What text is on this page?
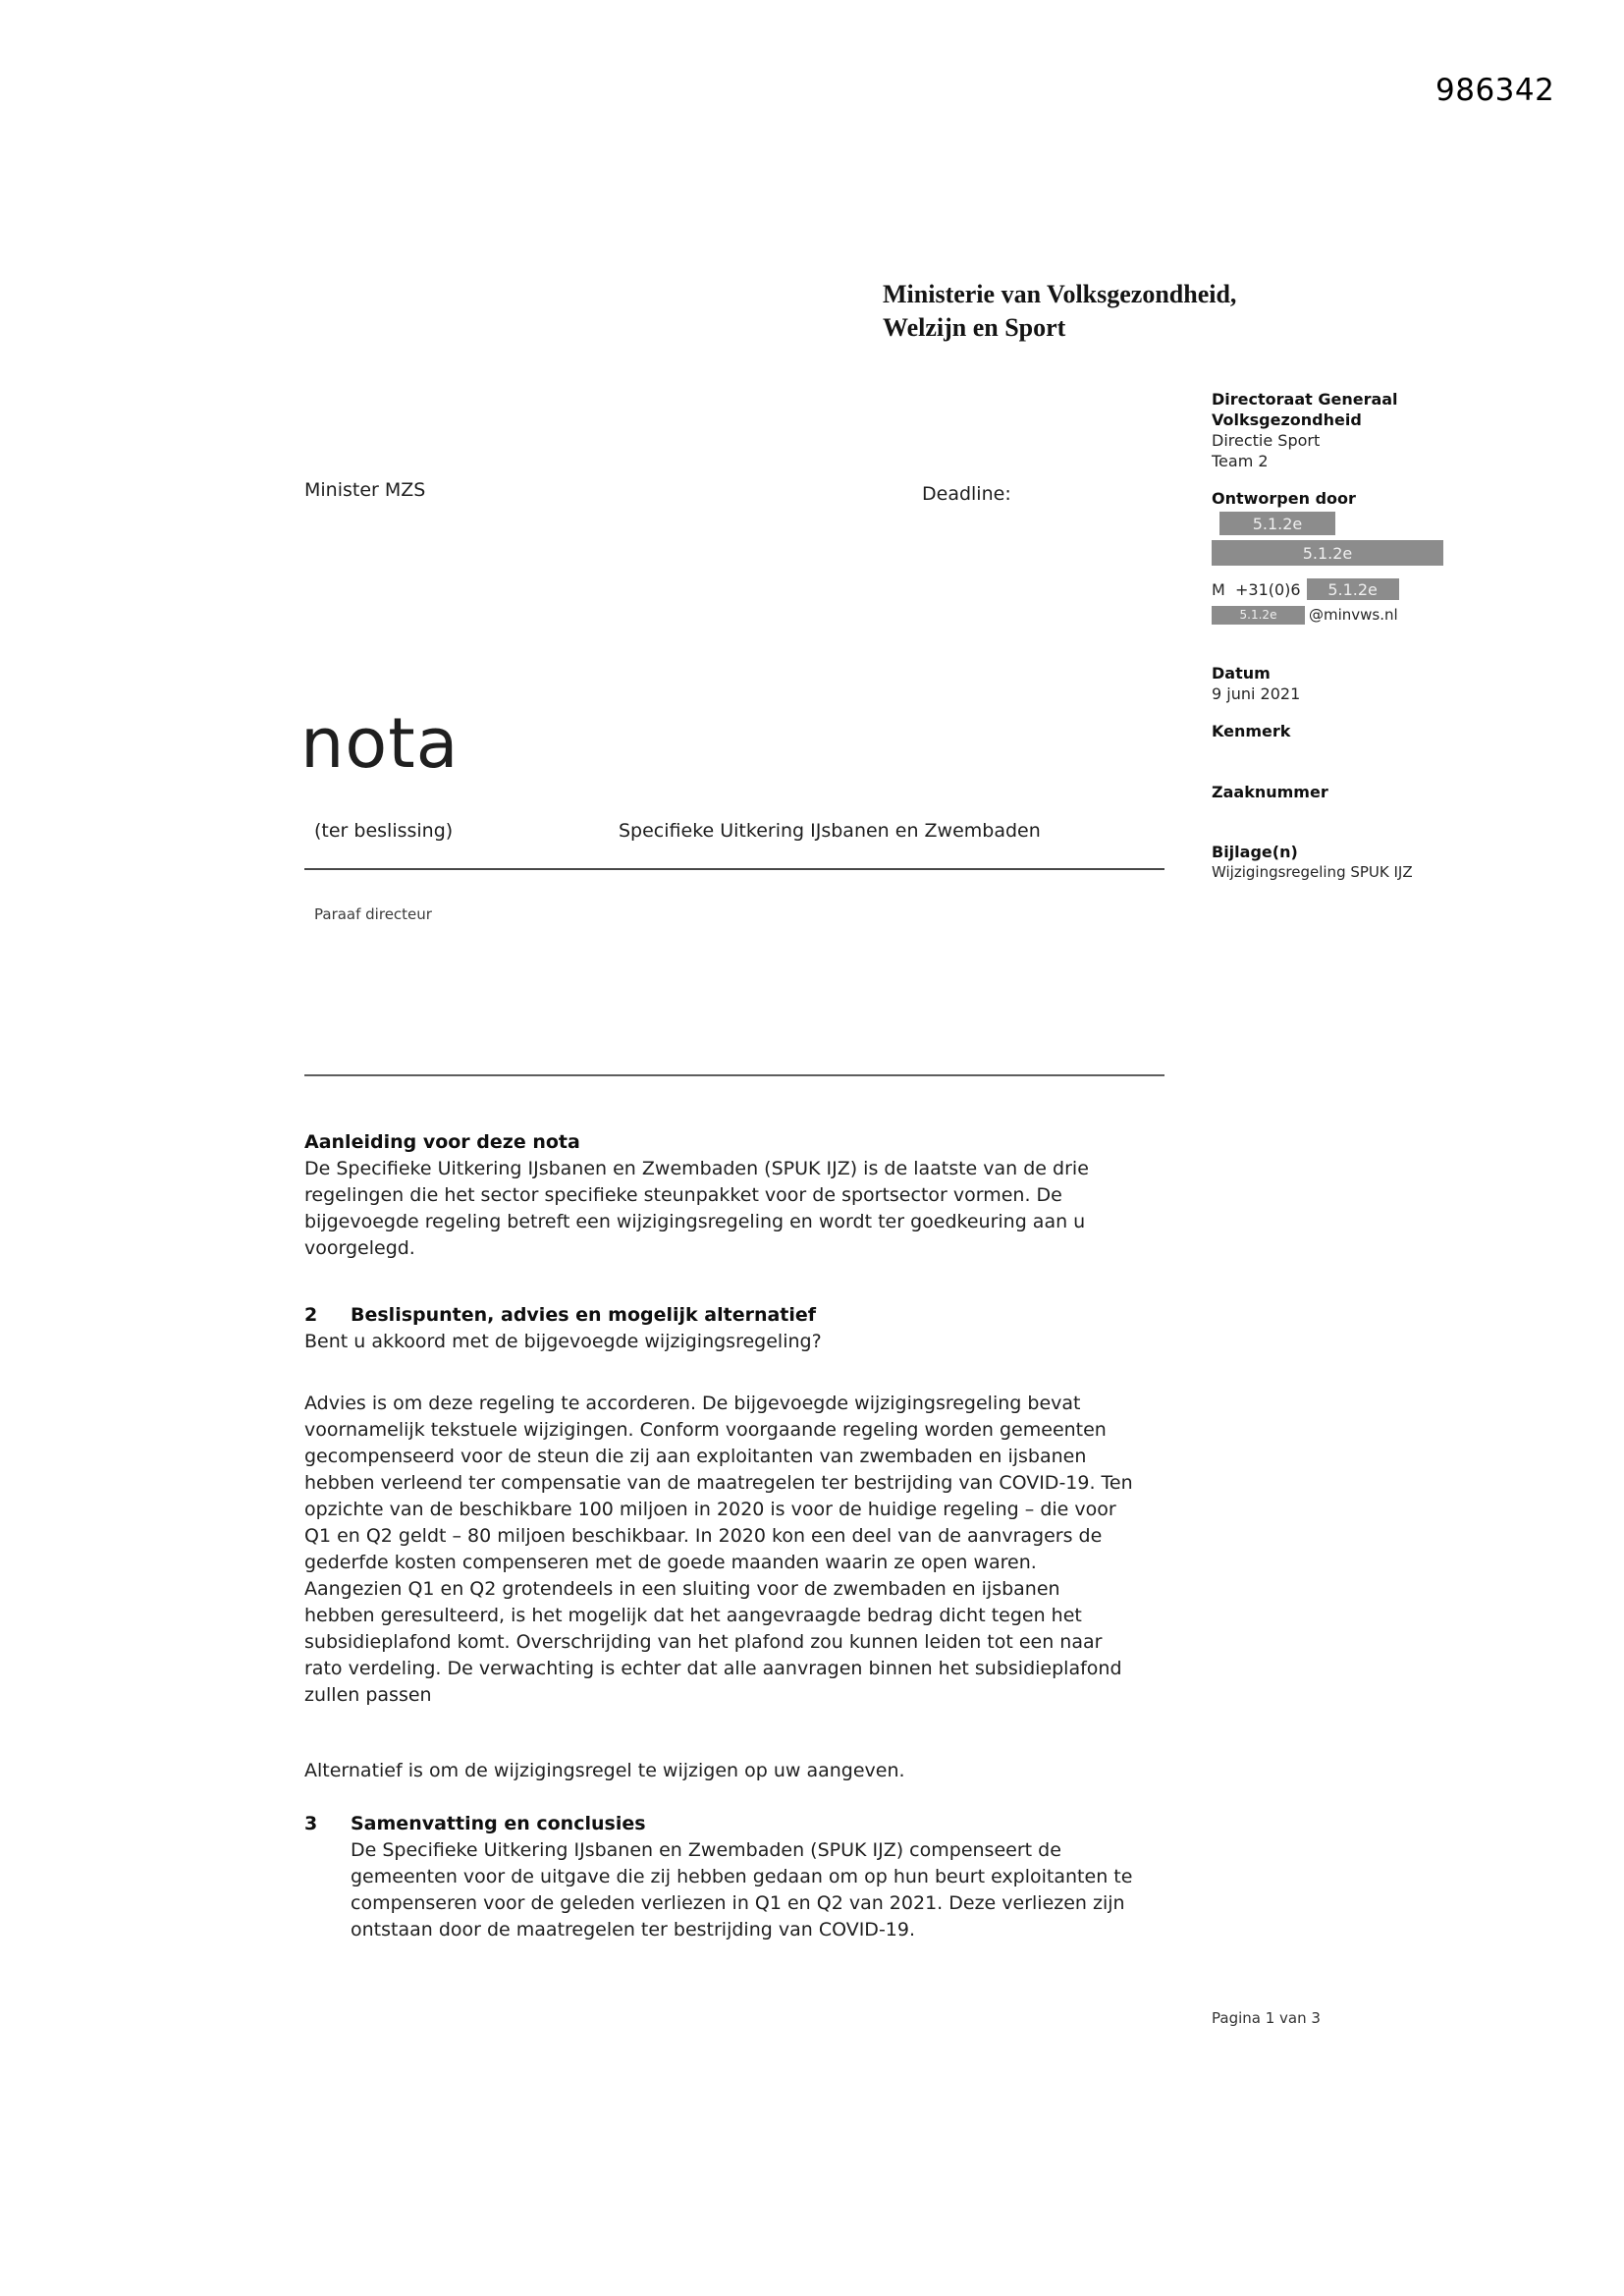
986342
Ministerie van Volksgezondheid,
Welzijn en Sport
Minister MZS	Deadline:
Directoraat Generaal
Volksgezondheid
Directie Sport
Team 2
Ontworpen door
5.1.2e
5.1.2e
M  +31(0)6	5.1.2e
5.1.2e	@minvws.nl
Datum
9 juni 2021
Kenmerk
Zaaknummer
Bijlage(n)
Wijzigingsregeling SPUK IJZ
nota
(ter beslissing)	Specifieke Uitkering IJsbanen en Zwembaden
Paraaf directeur
Aanleiding voor deze nota
De Specifieke Uitkering IJsbanen en Zwembaden (SPUK IJZ) is de laatste van de drie regelingen die het sector specifieke steunpakket voor de sportsector vormen. De bijgevoegde regeling betreft een wijzigingsregeling en wordt ter goedkeuring aan u voorgelegd.
2	Beslispunten, advies en mogelijk alternatief
Bent u akkoord met de bijgevoegde wijzigingsregeling?
Advies is om deze regeling te accorderen. De bijgevoegde wijzigingsregeling bevat voornamelijk tekstuele wijzigingen. Conform voorgaande regeling worden gemeenten gecompenseerd voor de steun die zij aan exploitanten van zwembaden en ijsbanen hebben verleend ter compensatie van de maatregelen ter bestrijding van COVID-19. Ten opzichte van de beschikbare 100 miljoen in 2020 is voor de huidige regeling – die voor Q1 en Q2 geldt – 80 miljoen beschikbaar. In 2020 kon een deel van de aanvragers de gederfde kosten compenseren met de goede maanden waarin ze open waren. Aangezien Q1 en Q2 grotendeels in een sluiting voor de zwembaden en ijsbanen hebben geresulteerd, is het mogelijk dat het aangevraagde bedrag dicht tegen het subsidieplafond komt. Overschrijding van het plafond zou kunnen leiden tot een naar rato verdeling. De verwachting is echter dat alle aanvragen binnen het subsidieplafond zullen passen
Alternatief is om de wijzigingsregel te wijzigen op uw aangeven.
3	Samenvatting en conclusies
De Specifieke Uitkering IJsbanen en Zwembaden (SPUK IJZ) compenseert de gemeenten voor de uitgave die zij hebben gedaan om op hun beurt exploitanten te compenseren voor de geleden verliezen in Q1 en Q2 van 2021. Deze verliezen zijn ontstaan door de maatregelen ter bestrijding van COVID-19.
Pagina 1 van 3
